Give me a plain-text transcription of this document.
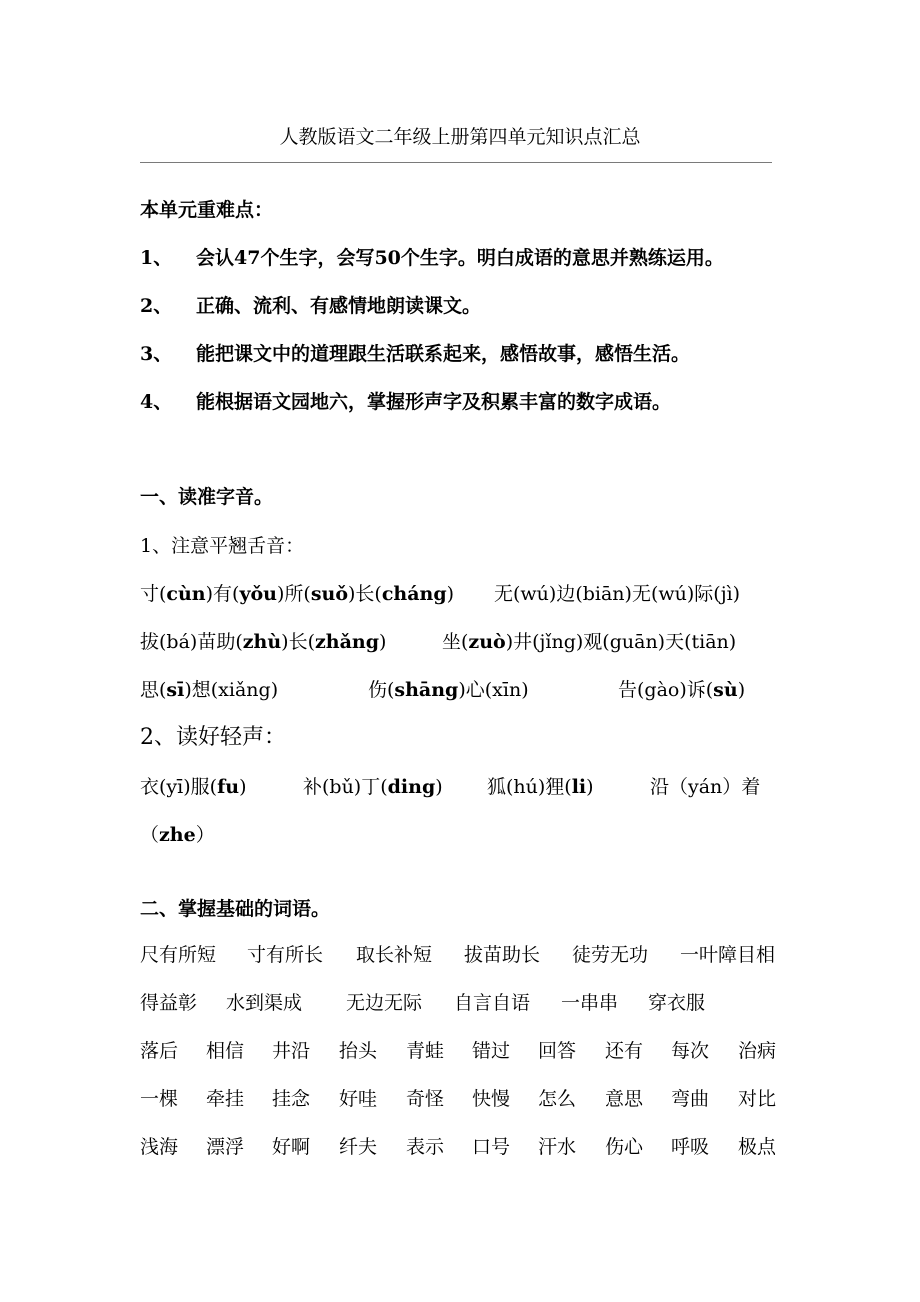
人教版语文二年级上册第四单元知识点汇总
本单元重难点：
1、 会认47个生字，会写50个生字。明白成语的意思并熟练运用。
2、 正确、流利、有感情地朗读课文。
3、 能把课文中的道理跟生活联系起来，感悟故事，感悟生活。
4、 能根据语文园地六，掌握形声字及积累丰富的数字成语。
一、读准字音。
1、注意平翘舌音：
寸(cùn)有(yǒu)所(suǒ)长(cháng) 无(wú)边(biān)无(wú)际(jì)
拔(bá)苗助(zhù)长(zhǎng)	坐(zuò)井(jǐng)观(guān)天(tiān)
思(sī)想(xiǎng)	伤(shāng)心(xīn)	告(gào)诉(sù)
2、读好轻声：
衣(yī)服(fu)	补(bǔ)丁(ding) 狐(hú)狸(li)	沿（yán）着
（zhe）
二、掌握基础的词语。
尺有所短 寸有所长 取长补短 拔苗助长 徒劳无功 一叶障目相
得益彰 水到渠成 无边无际 自言自语 一串串 穿衣服
落后 相信 井沿 抬头 青蛙 错过 回答 还有 每次 治病
一棵 牵挂 挂念 好哇 奇怪 快慢 怎么 意思 弯曲 对比
浅海 漂浮 好啊 纤夫 表示 口号 汗水 伤心 呼吸 极点
